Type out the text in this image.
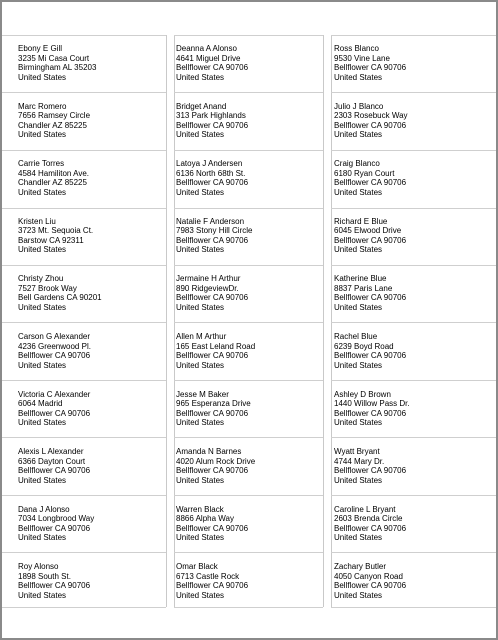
Ebony E Gill
3235 Mi Casa Court
Birmingham AL 35203
United States
Marc Romero
7656 Ramsey Circle
Chandler AZ 85225
United States
Carrie Torres
4584 Hamiliton Ave.
Chandler AZ 85225
United States
Kristen Liu
3723 Mt. Sequoia Ct.
Barstow CA 92311
United States
Christy Zhou
7527 Brook Way
Bell Gardens CA 90201
United States
Carson G Alexander
4236 Greenwood Pl.
Bellflower CA 90706
United States
Victoria C Alexander
6064 Madrid
Bellflower CA 90706
United States
Alexis L Alexander
6366 Dayton Court
Bellflower CA 90706
United States
Dana J Alonso
7034 Longbrood Way
Bellflower CA 90706
United States
Roy Alonso
1898 South St.
Bellflower CA 90706
United States
Deanna A Alonso
4641 Miguel Drive
Bellflower CA 90706
United States
Bridget Anand
313 Park Highlands
Bellflower CA 90706
United States
Latoya J Andersen
6136 North 68th St.
Bellflower CA 90706
United States
Natalie F Anderson
7983 Stony Hill Circle
Bellflower CA 90706
United States
Jermaine H Arthur
890 RidgeviewDr.
Bellflower CA 90706
United States
Allen M Arthur
165 East Leland Road
Bellflower CA 90706
United States
Jesse M Baker
965 Esperanza Drive
Bellflower CA 90706
United States
Amanda N Barnes
4020 Alum Rock Drive
Bellflower CA 90706
United States
Warren Black
8866 Alpha Way
Bellflower CA 90706
United States
Omar Black
6713 Castle Rock
Bellflower CA 90706
United States
Ross Blanco
9530 Vine Lane
Bellflower CA 90706
United States
Julio J Blanco
2303 Rosebuck Way
Bellflower CA 90706
United States
Craig Blanco
6180 Ryan Court
Bellflower CA 90706
United States
Richard E Blue
6045 Elwood Drive
Bellflower CA 90706
United States
Katherine Blue
8837 Paris Lane
Bellflower CA 90706
United States
Rachel Blue
6239 Boyd Road
Bellflower CA 90706
United States
Ashley D Brown
1440 Willow Pass Dr.
Bellflower CA 90706
United States
Wyatt Bryant
4744 Mary Dr.
Bellflower CA 90706
United States
Caroline L Bryant
2603 Brenda Circle
Bellflower CA 90706
United States
Zachary Butler
4050 Canyon Road
Bellflower CA 90706
United States
